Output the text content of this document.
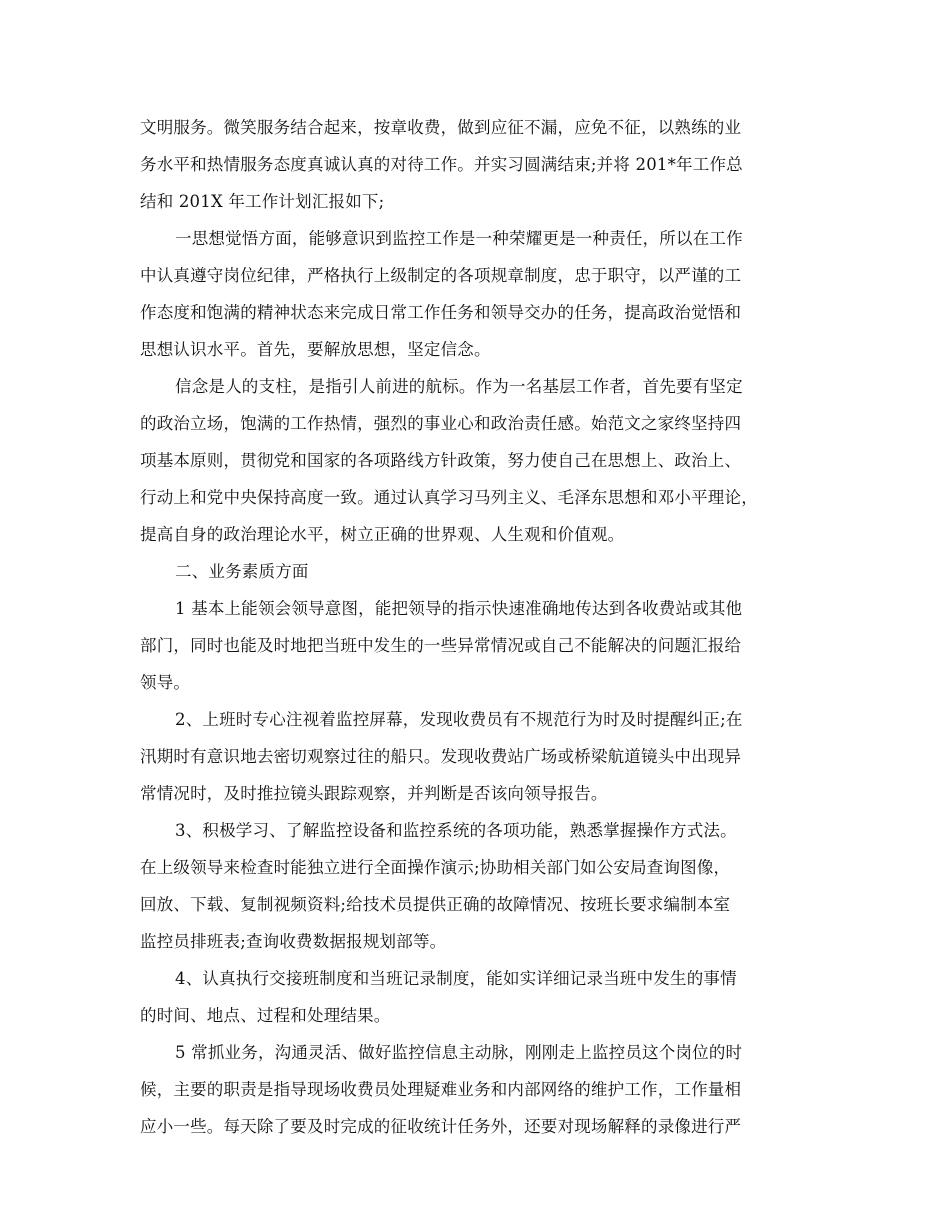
文明服务。微笑服务结合起来，按章收费，做到应征不漏，应免不征，以熟练的业
务水平和热情服务态度真诚认真的对待工作。并实习圆满结束;并将 201*年工作总
结和 201X 年工作计划汇报如下;
一思想觉悟方面，能够意识到监控工作是一种荣耀更是一种责任，所以在工作
中认真遵守岗位纪律，严格执行上级制定的各项规章制度，忠于职守，以严谨的工
作态度和饱满的精神状态来完成日常工作任务和领导交办的任务，提高政治觉悟和
思想认识水平。首先，要解放思想，坚定信念。
信念是人的支柱，是指引人前进的航标。作为一名基层工作者，首先要有坚定
的政治立场，饱满的工作热情，强烈的事业心和政治责任感。始范文之家终坚持四
项基本原则，贯彻党和国家的各项路线方针政策，努力使自己在思想上、政治上、
行动上和党中央保持高度一致。通过认真学习马列主义、毛泽东思想和邓小平理论，
提高自身的政治理论水平，树立正确的世界观、人生观和价值观。
二、业务素质方面
1 基本上能领会领导意图，能把领导的指示快速准确地传达到各收费站或其他
部门，同时也能及时地把当班中发生的一些异常情况或自己不能解决的问题汇报给
领导。
2、上班时专心注视着监控屏幕，发现收费员有不规范行为时及时提醒纠正;在
汛期时有意识地去密切观察过往的船只。发现收费站广场或桥梁航道镜头中出现异
常情况时，及时推拉镜头跟踪观察，并判断是否该向领导报告。
3、积极学习、了解监控设备和监控系统的各项功能，熟悉掌握操作方式法。
在上级领导来检查时能独立进行全面操作演示;协助相关部门如公安局查询图像，
回放、下载、复制视频资料;给技术员提供正确的故障情况、按班长要求编制本室
监控员排班表;查询收费数据报规划部等。
4、认真执行交接班制度和当班记录制度，能如实详细记录当班中发生的事情
的时间、地点、过程和处理结果。
5 常抓业务，沟通灵活、做好监控信息主动脉，刚刚走上监控员这个岗位的时
候，主要的职责是指导现场收费员处理疑难业务和内部网络的维护工作，工作量相
应小一些。每天除了要及时完成的征收统计任务外，还要对现场解释的录像进行严
